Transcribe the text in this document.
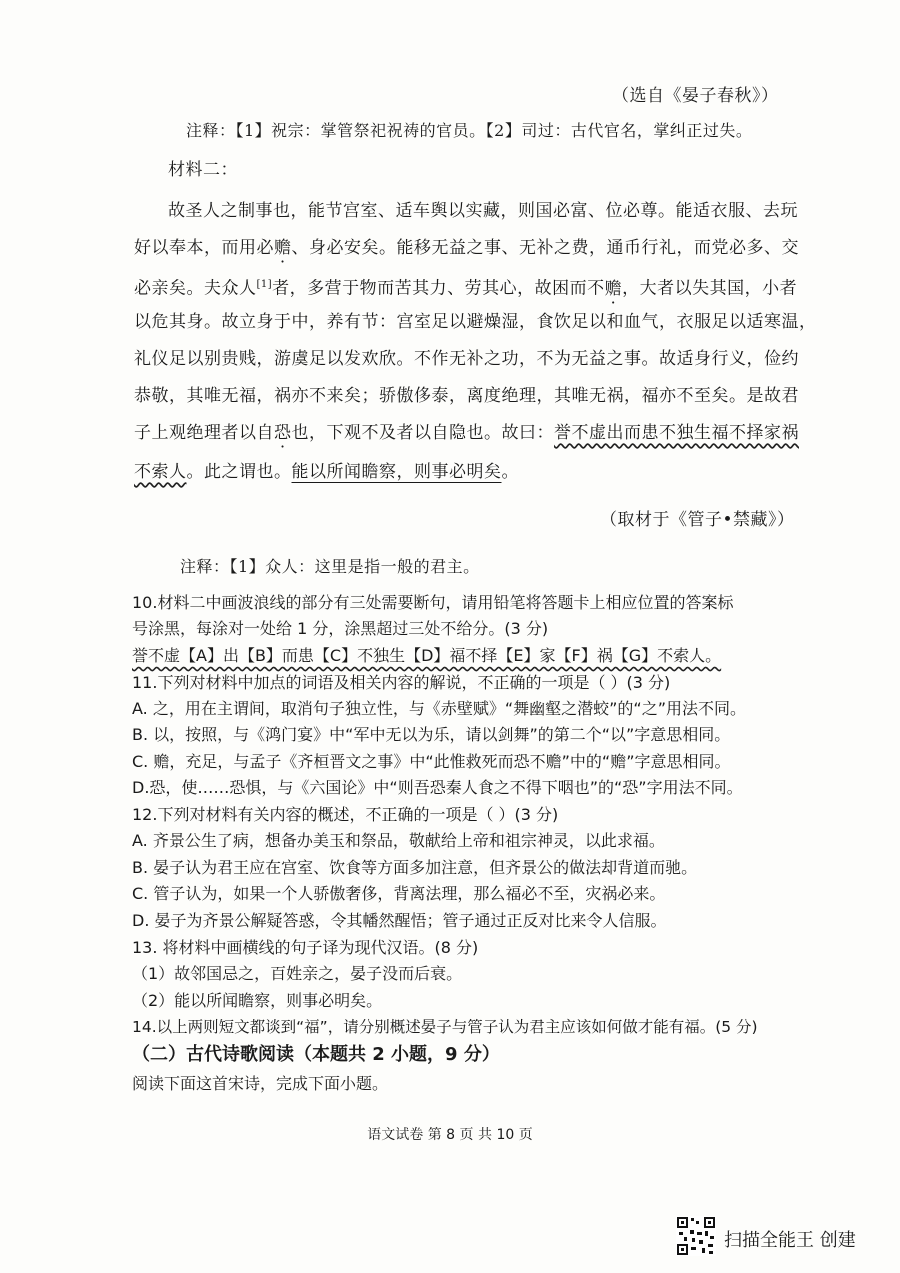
（选自《晏子春秋》）
注释：【1】祝宗：掌管祭祀祝祷的官员。【2】司过：古代官名，掌纠正过失。
材料二：
故圣人之制事也，能节宫室、适车舆以实藏，则国必富、位必尊。能适衣服、去玩
好以奉本，而用必赡、身必安矣。能移无益之事、无补之费，通币行礼，而党必多、交
必亲矣。夫众人[1]者，多营于物而苦其力、劳其心，故困而不赡，大者以失其国，小者
以危其身。故立身于中，养有节：宫室足以避燥湿，食饮足以和血气，衣服足以适寒温，
礼仪足以别贵贱，游虞足以发欢欣。不作无补之功，不为无益之事。故适身行义，俭约
恭敬，其唯无福，祸亦不来矣；骄傲侈泰，离度绝理，其唯无祸，福亦不至矣。是故君
子上观绝理者以自恐也，下观不及者以自隐也。故曰：誉不虚出而患不独生福不择家祸
不索人。此之谓也。能以所闻瞻察，则事必明矣。
（取材于《管子•禁藏》）
注释：【1】众人：这里是指一般的君主。
10.材料二中画波浪线的部分有三处需要断句，请用铅笔将答题卡上相应位置的答案标
号涂黑，每涂对一处给 1 分，涂黑超过三处不给分。(3 分)
誉不虚【A】出【B】而患【C】不独生【D】福不择【E】家【F】祸【G】不索人。
11.下列对材料中加点的词语及相关内容的解说，不正确的一项是（ ）(3 分)
A. 之，用在主谓间，取消句子独立性，与《赤壁赋》“舞幽壑之潜蛟”的“之”用法不同。
B. 以，按照，与《鸿门宴》中“军中无以为乐，请以剑舞”的第二个“以”字意思相同。
C. 赡，充足，与孟子《齐桓晋文之事》中“此惟救死而恐不赡”中的“赡”字意思相同。
D.恐，使……恐惧，与《六国论》中“则吾恐秦人食之不得下咽也”的“恐”字用法不同。
12.下列对材料有关内容的概述，不正确的一项是（ ）(3 分)
A. 齐景公生了病，想备办美玉和祭品，敬献给上帝和祖宗神灵，以此求福。
B. 晏子认为君王应在宫室、饮食等方面多加注意，但齐景公的做法却背道而驰。
C. 管子认为，如果一个人骄傲奢侈，背离法理，那么福必不至，灾祸必来。
D. 晏子为齐景公解疑答惑，令其幡然醒悟；管子通过正反对比来令人信服。
13. 将材料中画横线的句子译为现代汉语。(8 分)
（1）故邻国忌之，百姓亲之，晏子没而后衰。
（2）能以所闻瞻察，则事必明矣。
14.以上两则短文都谈到“福”，请分别概述晏子与管子认为君主应该如何做才能有福。(5 分)
（二）古代诗歌阅读（本题共 2 小题，9 分）
阅读下面这首宋诗，完成下面小题。
语文试卷 第 8 页 共 10 页
扫描全能王 创建
